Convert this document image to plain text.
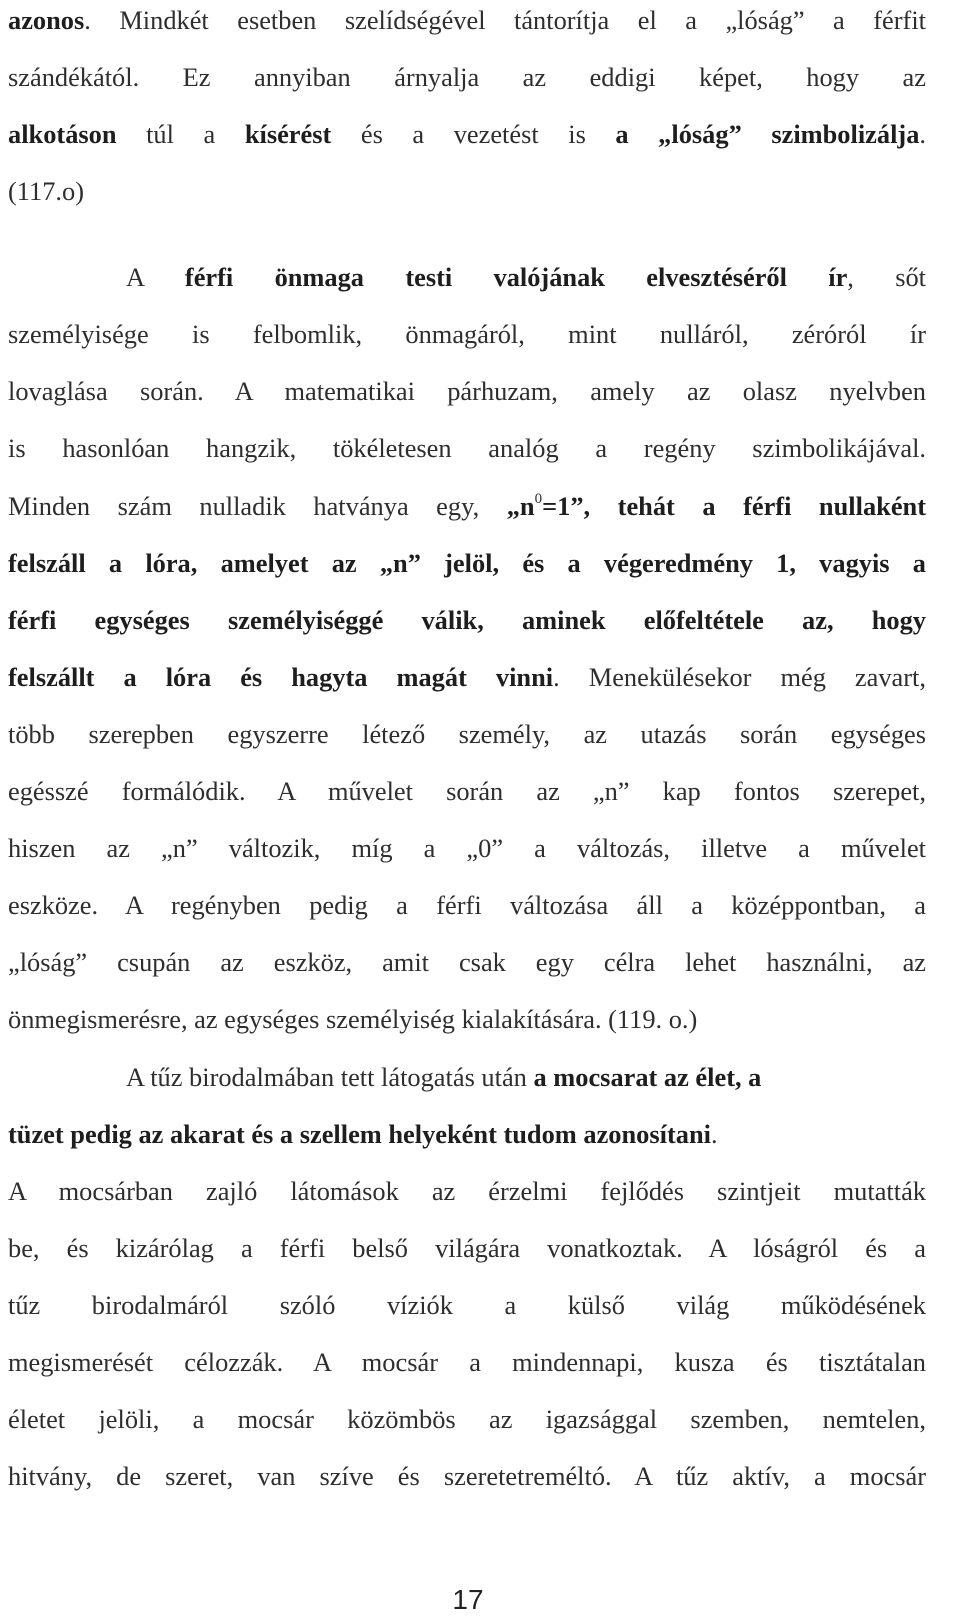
azonos. Mindkét esetben szelídségével tántorítja el a „lóság” a férfit
szándékától. Ez annyiban árnyalja az eddigi képet, hogy az
alkotáson túl a kísérést és a vezetést is a „lóság” szimbolizálja.
(117.o)
A férfi önmaga testi valójának elvesztéséről ír, sőt
személyisége is felbomlik, önmagáról, mint nulláról, zéróról ír
lovaglása során. A matematikai párhuzam, amely az olasz nyelvben
is hasonlóan hangzik, tökéletesen analóg a regény szimbolikájával.
Minden szám nulladik hatványa egy, $„n^0=1$”, tehát a férfi nullaként
felszáll a lóra, amelyet az „n” jelöl, és a végeredmény 1, vagyis a
férfi egységes személyiséggé válik, aminek előfeltétele az, hogy
felszállt a lóra és hagyta magát vinni. Menekülésekor még zavart,
több szerepben egyszerre létező személy, az utazás során egységes
egésszé formálódik. A művelet során az „n” kap fontos szerepet,
hiszen az „n” változik, míg a „0” a változás, illetve a művelet
eszköze. A regényben pedig a férfi változása áll a középpontban, a
„lóság” csupán az eszköz, amit csak egy célra lehet használni, az
önmegismerésre, az egységes személyiség kialakítására. (119. o.)
A tűz birodalmában tett látogatás után a mocsarat az élet, a
tüzet pedig az akarat és a szellem helyeként tudom azonosítani.
A mocsárban zajló látomások az érzelmi fejlődés szintjeit mutatták
be, és kizárólag a férfi belső világára vonatkoztak. A lóságról és a
tűz birodalmáról szóló víziók a külső világ működésének
megismerését célozzák. A mocsár a mindennapi, kusza és tisztátalan
életet jelöli, a mocsár közömbös az igazsággal szemben, nemtelen,
hitvány, de szeret, van szíve és szeretetreméltó. A tűz aktív, a mocsár
17
